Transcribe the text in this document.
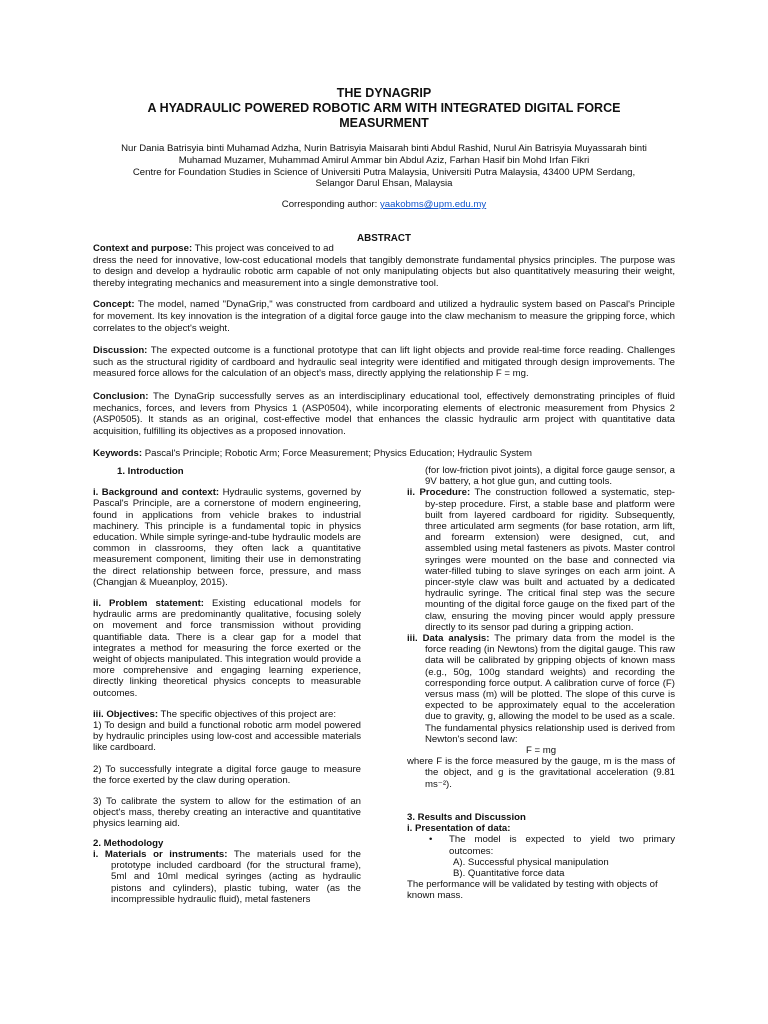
THE DYNAGRIP
A HYADRAULIC POWERED ROBOTIC ARM WITH INTEGRATED DIGITAL FORCE
MEASURMENT
Nur Dania Batrisyia binti Muhamad Adzha, Nurin Batrisyia Maisarah binti Abdul Rashid, Nurul Ain Batrisyia Muyassarah binti
Muhamad Muzamer, Muhammad Amirul Ammar bin Abdul Aziz, Farhan Hasif bin Mohd Irfan Fikri
Centre for Foundation Studies in Science of Universiti Putra Malaysia, Universiti Putra Malaysia, 43400 UPM Serdang,
Selangor Darul Ehsan, Malaysia
Corresponding author: yaakobms@upm.edu.my
ABSTRACT

Context and purpose: This project was conceived to ad
dress the need for innovative, low-cost educational models that tangibly demonstrate fundamental physics principles. The purpose was to design and develop a hydraulic robotic arm capable of not only manipulating objects but also quantitatively measuring their weight, thereby integrating mechanics and measurement into a single demonstrative tool.

Concept: The model, named "DynaGrip," was constructed from cardboard and utilized a hydraulic system based on Pascal's Principle for movement. Its key innovation is the integration of a digital force gauge into the claw mechanism to measure the gripping force, which correlates to the object's weight.

Discussion: The expected outcome is a functional prototype that can lift light objects and provide real-time force reading. Challenges such as the structural rigidity of cardboard and hydraulic seal integrity were identified and mitigated through design improvements. The measured force allows for the calculation of an object's mass, directly applying the relationship F = mg.

Conclusion: The DynaGrip successfully serves as an interdisciplinary educational tool, effectively demonstrating principles of fluid mechanics, forces, and levers from Physics 1 (ASP0504), while incorporating elements of electronic measurement from Physics 2 (ASP0505). It stands as an original, cost-effective model that enhances the classic hydraulic arm project with quantitative data acquisition, fulfilling its objectives as a proposed innovation.

Keywords: Pascal's Principle; Robotic Arm; Force Measurement; Physics Education; Hydraulic System

1. Introduction

i. Background and context: Hydraulic systems, governed by Pascal's Principle, are a cornerstone of modern engineering, found in applications from vehicle brakes to industrial machinery. This principle is a fundamental topic in physics education. While simple syringe-and-tube hydraulic models are common in classrooms, they often lack a quantitative measurement component, limiting their use in demonstrating the direct relationship between force, pressure, and mass (Changjan & Mueanploy, 2015).

ii. Problem statement: Existing educational models for hydraulic arms are predominantly qualitative, focusing solely on movement and force transmission without providing quantifiable data. There is a clear gap for a model that integrates a method for measuring the force exerted or the weight of objects manipulated. This integration would provide a more comprehensive and engaging learning experience, directly linking theoretical physics concepts to measurable outcomes.

iii. Objectives: The specific objectives of this project are:

1) To design and build a functional robotic arm model powered by hydraulic principles using low-cost and accessible materials like cardboard.

2) To successfully integrate a digital force gauge to measure the force exerted by the claw during operation.

3) To calibrate the system to allow for the estimation of an object's mass, thereby creating an interactive and quantitative physics learning aid.

2. Methodology

i. Materials or instruments: The materials used for the prototype included cardboard (for the structural frame), 5ml and 10ml medical syringes (acting as hydraulic pistons and cylinders), plastic tubing, water (as the incompressible hydraulic fluid), metal fasteners

(for low-friction pivot joints), a digital force gauge sensor, a 9V battery, a hot glue gun, and cutting tools.

ii. Procedure: The construction followed a systematic, step-by-step procedure. First, a stable base and platform were built from layered cardboard for rigidity. Subsequently, three articulated arm segments (for base rotation, arm lift, and forearm extension) were designed, cut, and assembled using metal fasteners as pivots. Master control syringes were mounted on the base and connected via water-filled tubing to slave syringes on each arm joint. A pincer-style claw was built and actuated by a dedicated hydraulic syringe. The critical final step was the secure mounting of the digital force gauge on the fixed part of the claw, ensuring the moving pincer would apply pressure directly to its sensor pad during a gripping action.

iii. Data analysis: The primary data from the model is the force reading (in Newtons) from the digital gauge. This raw data will be calibrated by gripping objects of known mass (e.g., 50g, 100g standard weights) and recording the corresponding force output. A calibration curve of force (F) versus mass (m) will be plotted. The slope of this curve is expected to be approximately equal to the acceleration due to gravity, g, allowing the model to be used as a scale. The fundamental physics relationship used is derived from Newton's second law:

F = mg

where F is the force measured by the gauge, m is the mass of the object, and g is the gravitational acceleration (9.81 ms⁻²).

3. Results and Discussion

i. Presentation of data:

•	The model is expected to yield two primary outcomes:
A). Successful physical manipulation
B). Quantitative force data

The performance will be validated by testing with objects of known mass.
